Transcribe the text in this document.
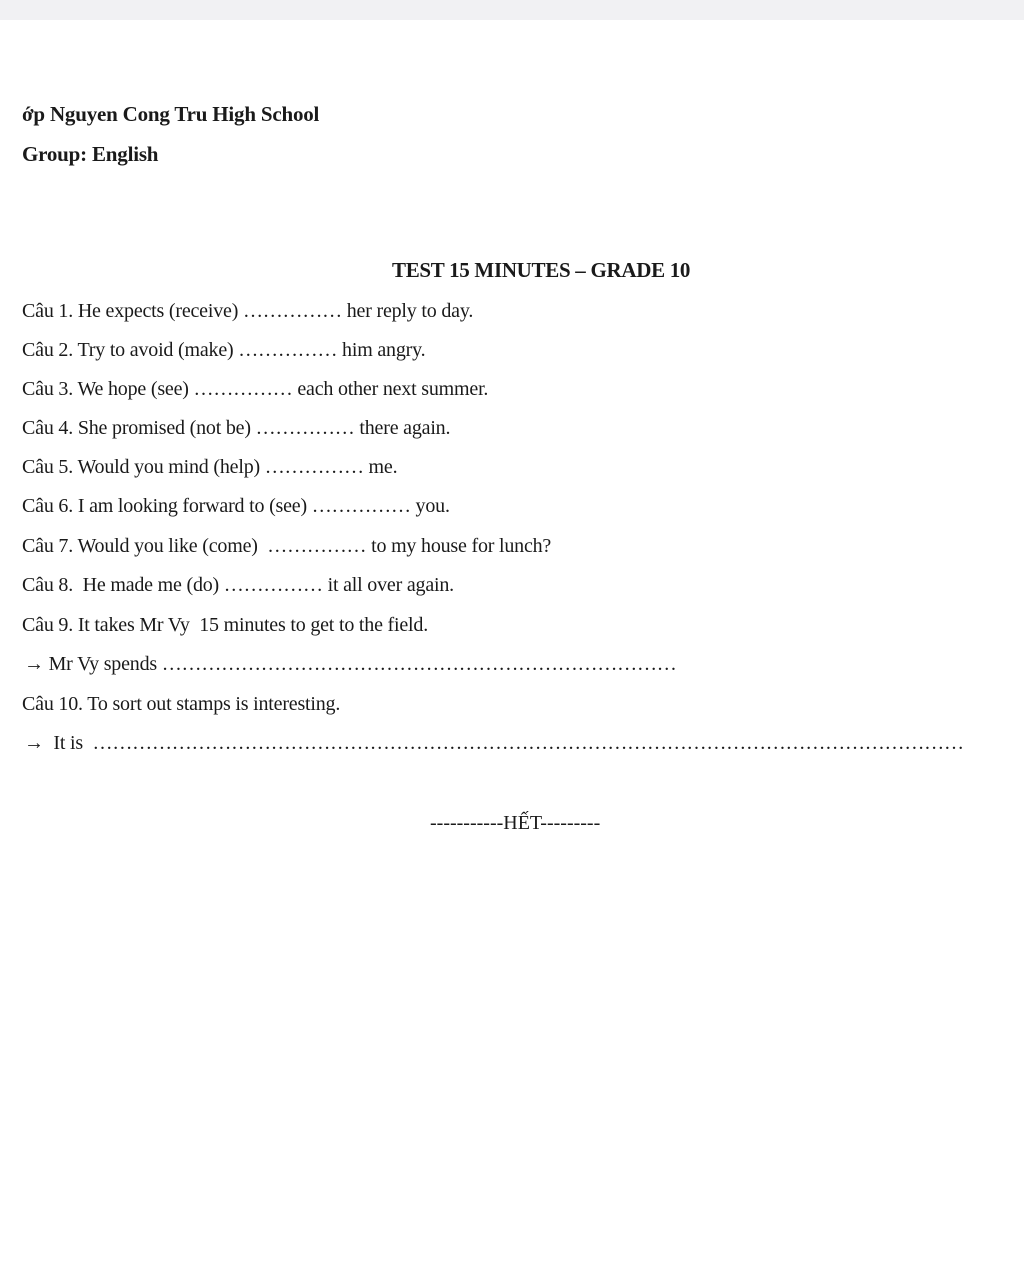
ớp Nguyen Cong Tru High School
Group: English
TEST 15 MINUTES – GRADE 10
Câu 1. He expects (receive) …………… her reply to day.
Câu 2. Try to avoid (make) …………… him angry.
Câu 3. We hope (see) …………… each other next summer.
Câu 4. She promised (not be) …………… there again.
Câu 5. Would you mind (help) …………… me.
Câu 6. I am looking forward to (see) …………… you.
Câu 7. Would you like (come)  …………… to my house for lunch?
Câu 8.  He made me (do) …………… it all over again.
Câu 9. It takes Mr Vy  15 minutes to get to the field.
→ Mr Vy spends ……………………………………………………………………
Câu 10. To sort out stamps is interesting.
→  It is  ……………………………………………………………………………………………………………………
-----------HẾT---------
